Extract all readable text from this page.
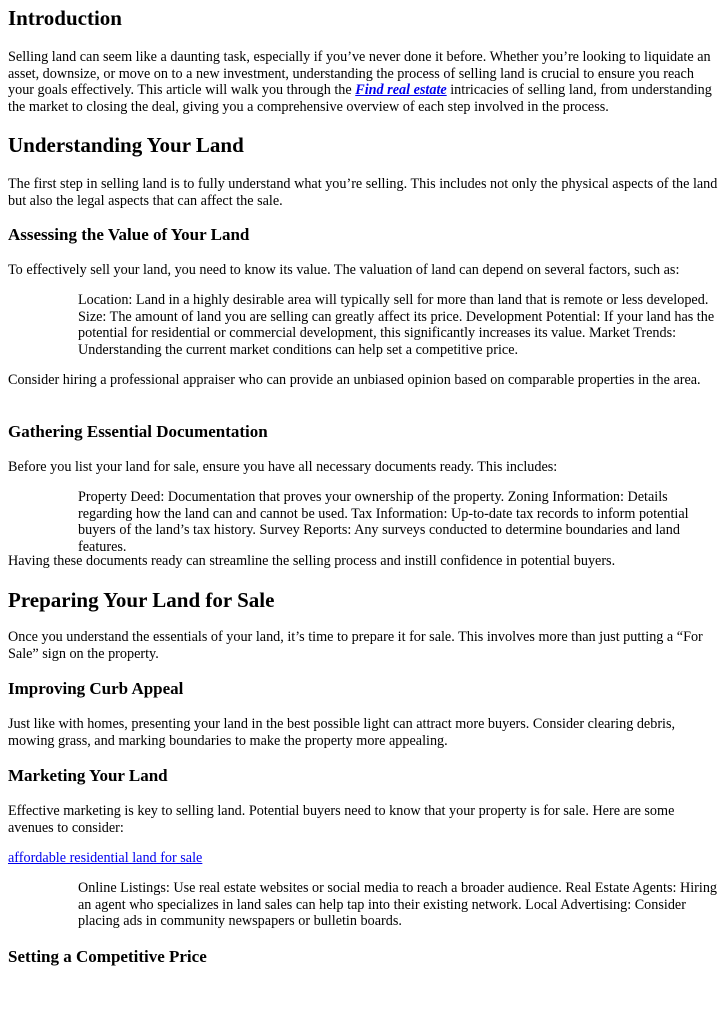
Introduction

Selling land can seem like a daunting task, especially if you’ve never done it before. Whether you’re looking to liquidate an asset, downsize, or move on to a new investment, understanding the process of selling land is crucial to ensure you reach your goals effectively. This article will walk you through the Find real estate intricacies of selling land, from understanding the market to closing the deal, giving you a comprehensive overview of each step involved in the process.

Understanding Your Land

The first step in selling land is to fully understand what you’re selling. This includes not only the physical aspects of the land but also the legal aspects that can affect the sale.

Assessing the Value of Your Land

To effectively sell your land, you need to know its value. The valuation of land can depend on several factors, such as:

Location: Land in a highly desirable area will typically sell for more than land that is remote or less developed. Size: The amount of land you are selling can greatly affect its price. Development Potential: If your land has the potential for residential or commercial development, this significantly increases its value. Market Trends: Understanding the current market conditions can help set a competitive price.

Consider hiring a professional appraiser who can provide an unbiased opinion based on comparable properties in the area.

Gathering Essential Documentation

Before you list your land for sale, ensure you have all necessary documents ready. This includes:

Property Deed: Documentation that proves your ownership of the property. Zoning Information: Details regarding how the land can and cannot be used. Tax Information: Up-to-date tax records to inform potential buyers of the land’s tax history. Survey Reports: Any surveys conducted to determine boundaries and land features.

Having these documents ready can streamline the selling process and instill confidence in potential buyers.

Preparing Your Land for Sale

Once you understand the essentials of your land, it’s time to prepare it for sale. This involves more than just putting a “For Sale” sign on the property.

Improving Curb Appeal

Just like with homes, presenting your land in the best possible light can attract more buyers. Consider clearing debris, mowing grass, and marking boundaries to make the property more appealing.

Marketing Your Land

Effective marketing is key to selling land. Potential buyers need to know that your property is for sale. Here are some avenues to consider:

affordable residential land for sale

Online Listings: Use real estate websites or social media to reach a broader audience. Real Estate Agents: Hiring an agent who specializes in land sales can help tap into their existing network. Local Advertising: Consider placing ads in community newspapers or bulletin boards.
Setting a Competitive Price
